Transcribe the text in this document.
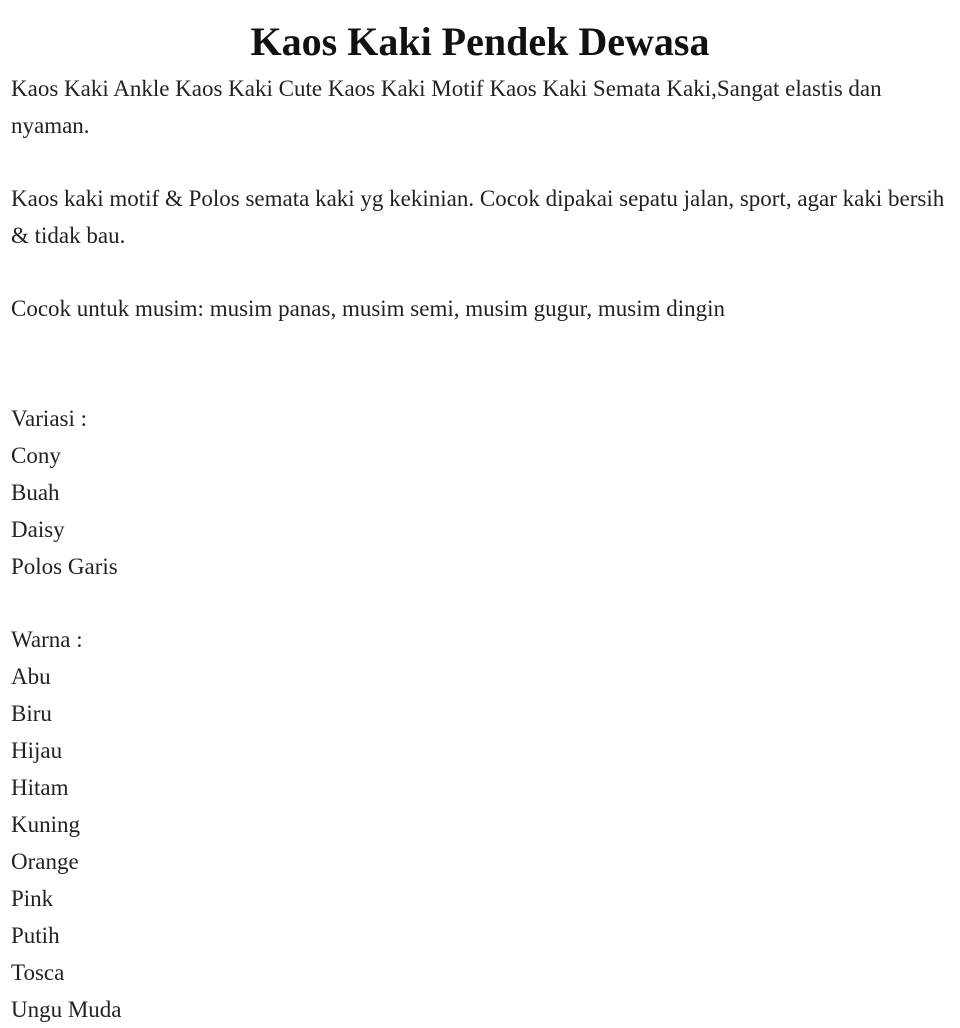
Kaos Kaki Pendek Dewasa

Kaos Kaki Ankle Kaos Kaki Cute Kaos Kaki Motif Kaos Kaki Semata Kaki,Sangat elastis dan nyaman.

Kaos kaki motif & Polos semata kaki yg kekinian. Cocok dipakai sepatu jalan, sport, agar kaki bersih & tidak bau.

Cocok untuk musim: musim panas, musim semi, musim gugur, musim dingin

Variasi :

Cony
Buah
Daisy
Polos Garis

Warna :

Abu
Biru
Hijau
Hitam
Kuning
Orange
Pink
Putih
Tosca
Ungu Muda
